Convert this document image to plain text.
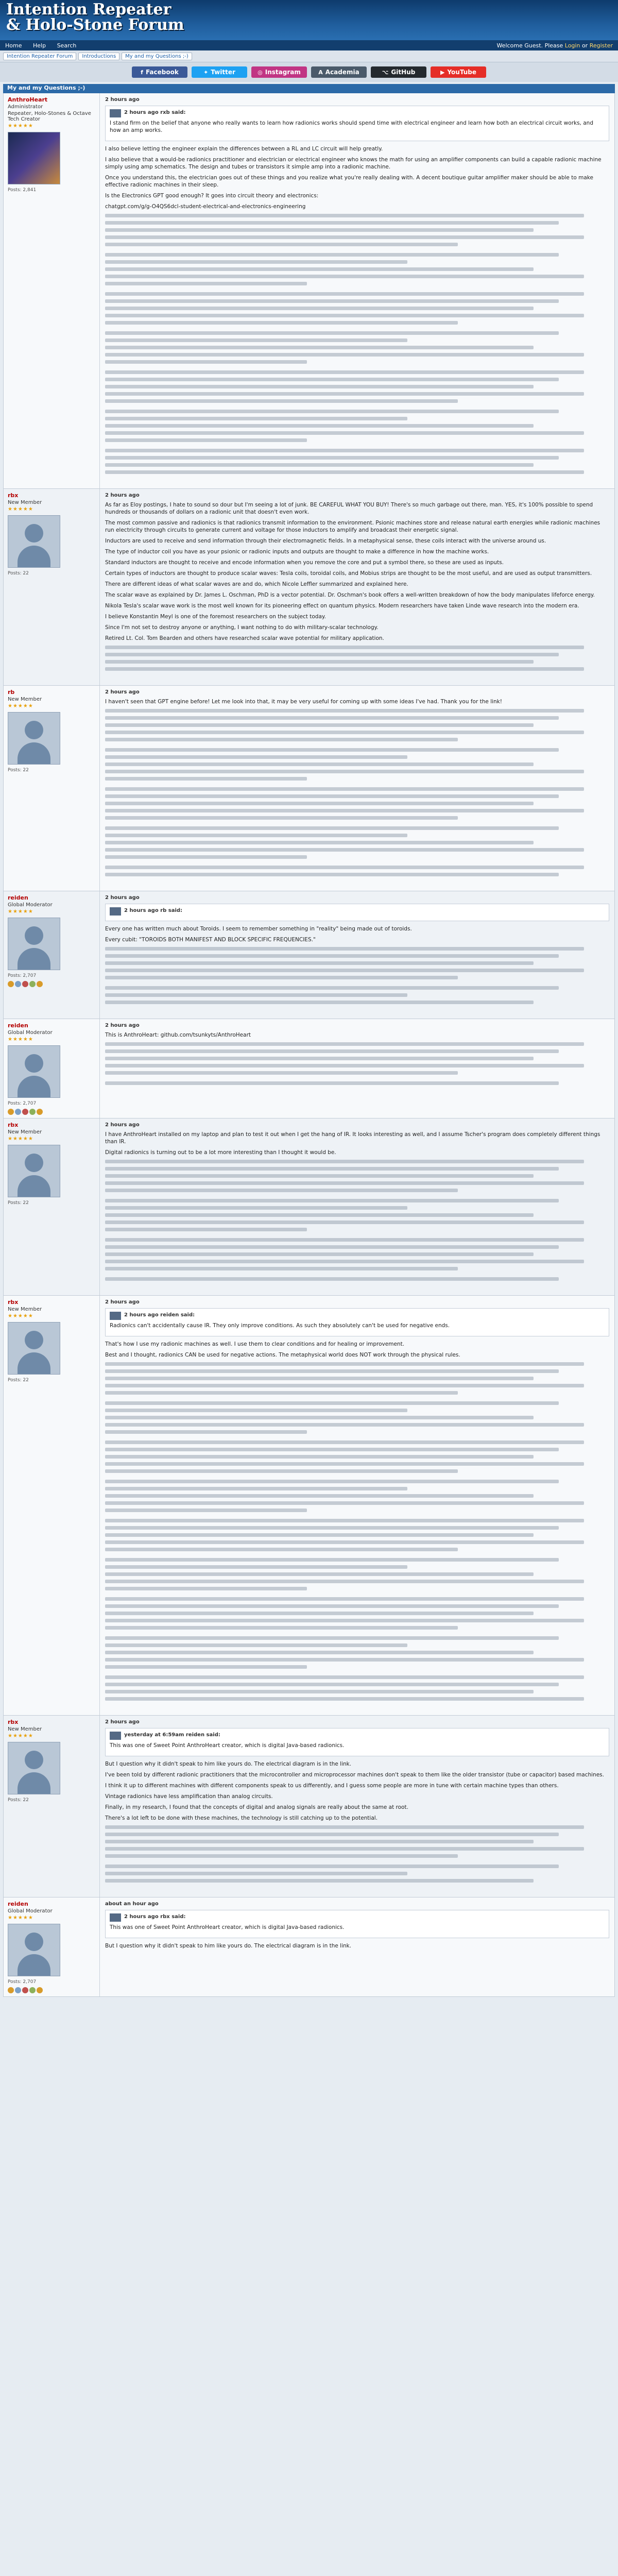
Intention Repeater
& Holo-Stone Forum
Home Help Search	Welcome Guest. Please Login or Register
Intention Repeater Forum	Introductions	My and my Questions ;-)
f Facebook	✦ Twitter	◎ Instagram	A Academia	⌥ GitHub	▶ YouTube
My and my Questions ;-)
AnthroHeart
Administrator
Repeater, Holo-Stones & Octave Tech Creator
★★★★★
Posts: 2,841
2 hours ago
2 hours ago rxb said:

I stand firm on the belief that anyone who really wants to learn how radionics works should spend time with electrical engineer and learn how both an electrical circuit works, and how an amp works.

I also believe letting the engineer explain the differences between a RL and LC circuit will help greatly.

I also believe that a would-be radionics practitioner and electrician or electrical engineer who knows the math for using an amplifier components can build a capable radionic machine simply using amp schematics. The design and tubes or transistors it simple amp into a radionic machine.

Once you understand this, the electrician goes out of these things and you realize what you're really dealing with. A decent boutique guitar amplifier maker should be able to make effective radionic machines in their sleep.

Is the Electronics GPT good enough? It goes into circuit theory and electronics:

chatgpt.com/g/g-O4QS6dcl-student-electrical-and-electronics-engineering

rbx
New Member
★★★★★
Posts: 22
2 hours ago

As far as Eloy postings, I hate to sound so dour but I'm seeing a lot of junk. BE CAREFUL WHAT YOU BUY! There's so much garbage out there, man. YES, it's 100% possible to spend hundreds or thousands of dollars on a radionic unit that doesn't even work.

The most common passive and radionics is that radionics transmit information to the environment. Psionic machines store and release natural earth energies while radionic machines run electricity through circuits to generate current and voltage for those inductors to amplify and broadcast their energetic signal.

Inductors are used to receive and send information through their electromagnetic fields. In a metaphysical sense, these coils interact with the universe around us.

The type of inductor coil you have as your psionic or radionic inputs and outputs are thought to make a difference in how the machine works.

Standard inductors are thought to receive and encode information when you remove the core and put a symbol there, so these are used as inputs.

Certain types of inductors are thought to produce scalar waves: Tesla coils, toroidal coils, and Mobius strips are thought to be the most useful, and are used as output transmitters.

There are different ideas of what scalar waves are and do, which Nicole Leffler summarized and explained here.

The scalar wave as explained by Dr. James L. Oschman, PhD is a vector potential. Dr. Oschman's book offers a well-written breakdown of how the body manipulates lifeforce energy.

Nikola Tesla's scalar wave work is the most well known for its pioneering effect on quantum physics. Modern researchers have taken Linde wave research into the modern era.

I believe Konstantin Meyl is one of the foremost researchers on the subject today.

Since I'm not set to destroy anyone or anything, I want nothing to do with military-scalar technology.

Retired Lt. Col. Tom Bearden and others have researched scalar wave potential for military application.

rb
New Member
★★★★★
Posts: 22
2 hours ago

I haven't seen that GPT engine before! Let me look into that, it may be very useful for coming up with some ideas I've had. Thank you for the link!

reiden
Global Moderator
★★★★★
Posts: 2,707
2 hours ago
2 hours ago rb said:

Every one has written much about Toroids. I seem to remember something in "reality" being made out of toroids.

Every cubit: "TOROIDS BOTH MANIFEST AND BLOCK SPECIFIC FREQUENCIES."

reiden
Global Moderator
★★★★★
Posts: 2,707
2 hours ago

This is AnthroHeart: github.com/tsunkyts/AnthroHeart

rbx
New Member
★★★★★
Posts: 22
2 hours ago

I have AnthroHeart installed on my laptop and plan to test it out when I get the hang of IR. It looks interesting as well, and I assume Tscher's program does completely different things than IR.

Digital radionics is turning out to be a lot more interesting than I thought it would be.

rbx
New Member
★★★★★
Posts: 22
2 hours ago
2 hours ago reiden said:

Radionics can't accidentally cause IR. They only improve conditions. As such they absolutely can't be used for negative ends.

That's how I use my radionic machines as well. I use them to clear conditions and for healing or improvement.

Best and I thought, radionics CAN be used for negative actions. The metaphysical world does NOT work through the physical rules.

rbx
New Member
★★★★★
Posts: 22
2 hours ago
yesterday at 6:59am reiden said:

This was one of Sweet Point AnthroHeart creator, which is digital Java-based radionics.

But I question why it didn't speak to him like yours do. The electrical diagram is in the link.

I've been told by different radionic practitioners that the microcontroller and microprocessor machines don't speak to them like the older transistor (tube or capacitor) based machines.

I think it up to different machines with different components speak to us differently, and I guess some people are more in tune with certain machine types than others.

Vintage radionics have less amplification than analog circuits.

Finally, in my research, I found that the concepts of digital and analog signals are really about the same at root.

There's a lot left to be done with these machines, the technology is still catching up to the potential.

reiden
Global Moderator
★★★★★
Posts: 2,707
about an hour ago
2 hours ago rbx said:

This was one of Sweet Point AnthroHeart creator, which is digital Java-based radionics.

But I question why it didn't speak to him like yours do. The electrical diagram is in the link.
